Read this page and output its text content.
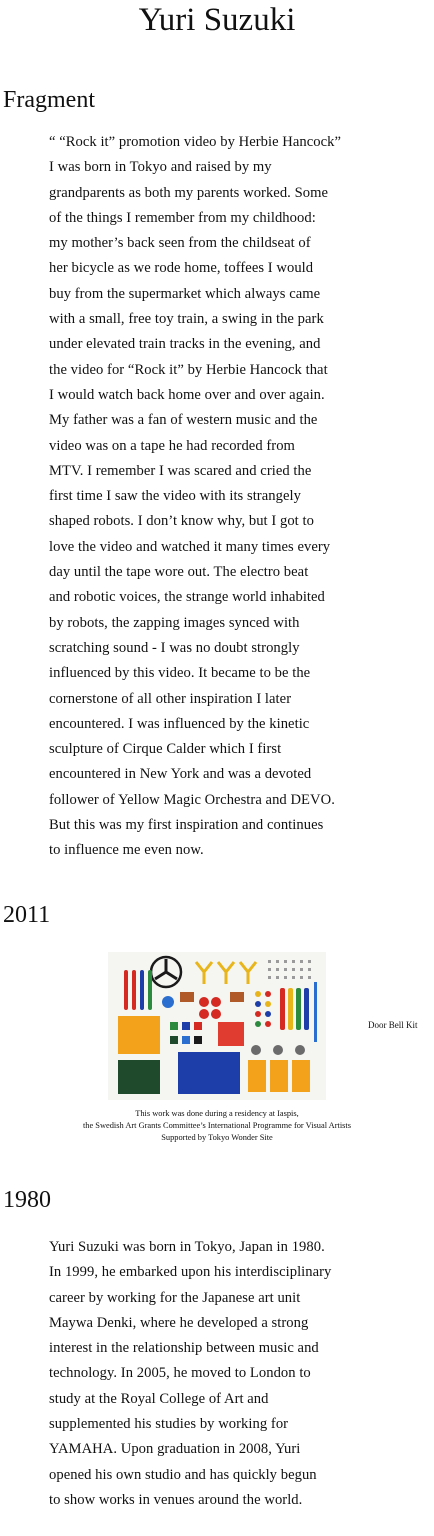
Yuri Suzuki
Fragment

“ “Rock it” promotion video by Herbie Hancock”
I was born in Tokyo and raised by my
grandparents as both my parents worked. Some
of the things I remember from my childhood:
my mother’s back seen from the childseat of
her bicycle as we rode home, toffees I would
buy from the supermarket which always came
with a small, free toy train, a swing in the park
under elevated train tracks in the evening, and
the video for “Rock it” by Herbie Hancock that
I would watch back home over and over again.
My father was a fan of western music and the
video was on a tape he had recorded from
MTV. I remember I was scared and cried the
first time I saw the video with its strangely
shaped robots. I don’t know why, but I got to
love the video and watched it many times every
day until the tape wore out. The electro beat
and robotic voices, the strange world inhabited
by robots, the zapping images synced with
scratching sound - I was no doubt strongly
influenced by this video. It became to be the
cornerstone of all other inspiration I later
encountered. I was influenced by the kinetic
sculpture of Cirque Calder which I first
encountered in New York and was a devoted
follower of Yellow Magic Orchestra and DEVO.
But this was my first inspiration and continues
to influence me even now.

2011

Door Bell Kit

This work was done during a residency at Iaspis,
the Swedish Art Grants Committee’s International Programme for Visual Artists
Supported by Tokyo Wonder Site

1980

Yuri Suzuki was born in Tokyo, Japan in 1980.
In 1999, he embarked upon his interdisciplinary
career by working for the Japanese art unit
Maywa Denki, where he developed a strong
interest in the relationship between music and
technology. In 2005, he moved to London to
study at the Royal College of Art and
supplemented his studies by working for
YAMAHA. Upon graduation in 2008, Yuri
opened his own studio and has quickly begun
to show works in venues around the world.
